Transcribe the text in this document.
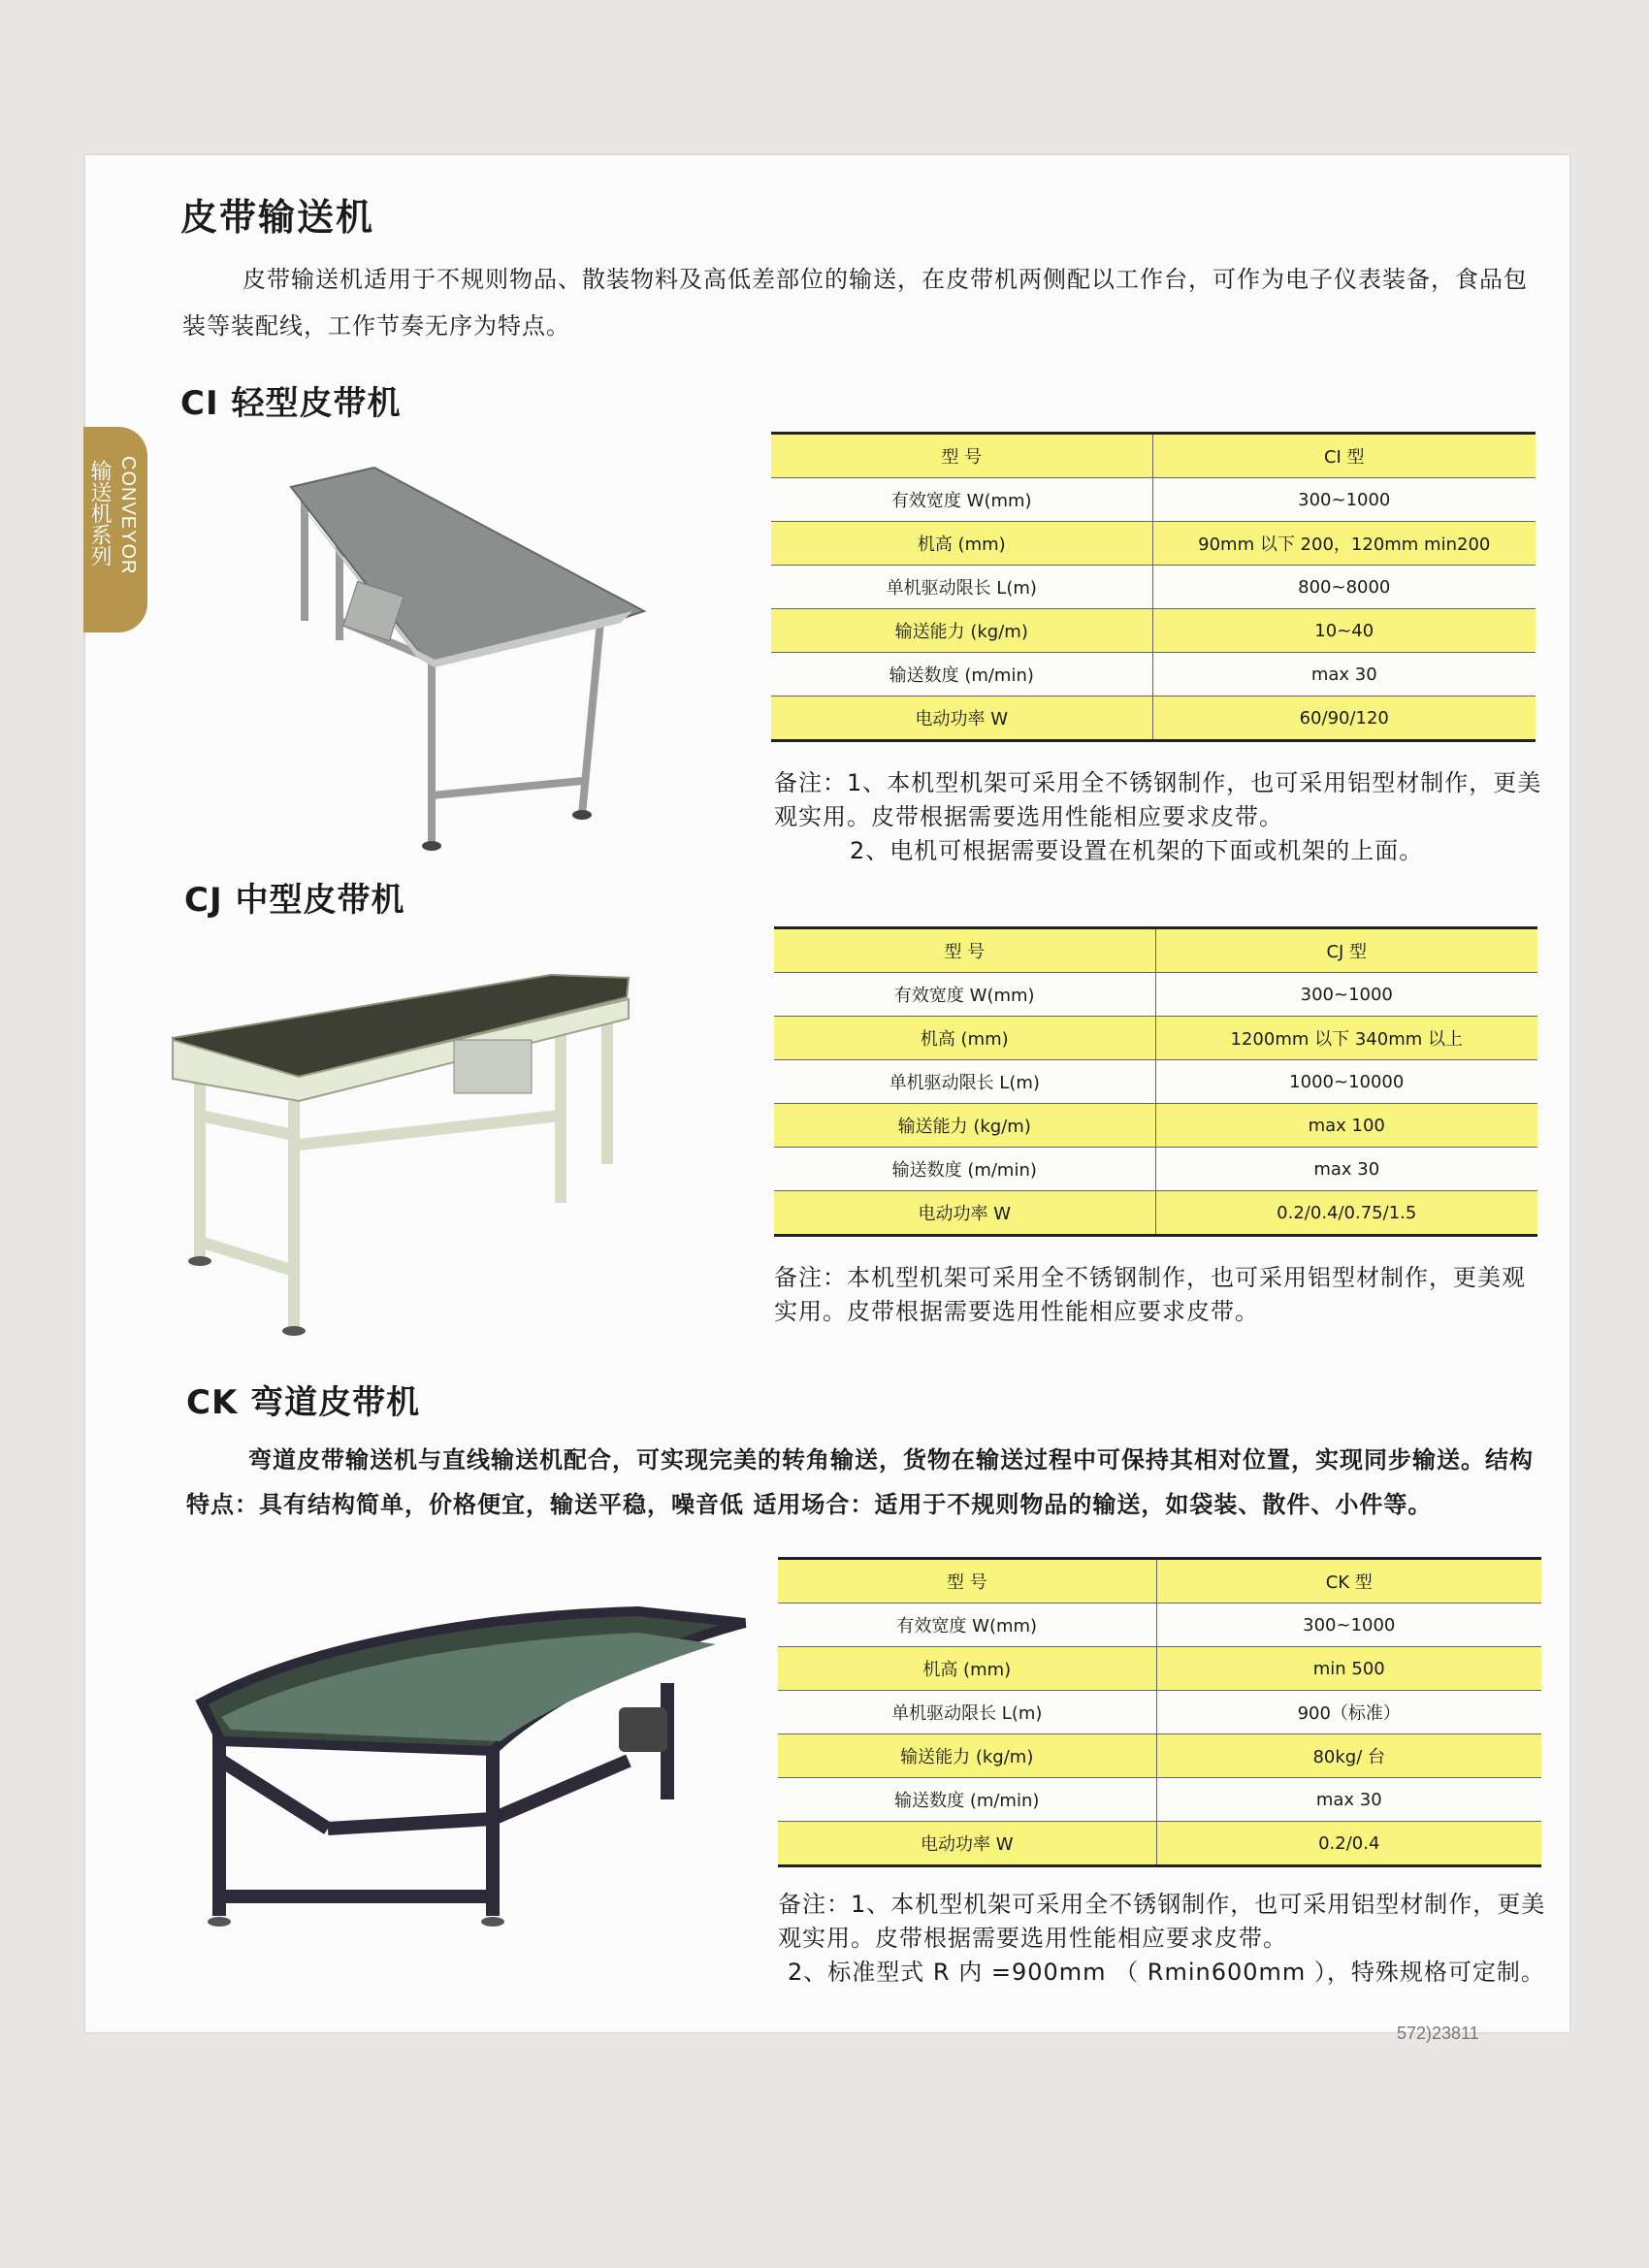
CONVEYOR
输送机系列
皮带输送机

皮带输送机适用于不规则物品、散装物料及高低差部位的输送，在皮带机两侧配以工作台，可作为电子仪表装备，食品包装等装配线，工作节奏无序为特点。

CI 轻型皮带机
型 号	CI 型
有效宽度 W(mm)	300~1000
机高 (mm)	90mm 以下 200，120mm min200
单机驱动限长 L(m)	800~8000
输送能力 (kg/m)	10~40
输送数度 (m/min)	max 30
电动功率 W	60/90/120

备注：1、本机型机架可采用全不锈钢制作，也可采用铝型材制作，更美观实用。皮带根据需要选用性能相应要求皮带。

2、电机可根据需要设置在机架的下面或机架的上面。

CJ 中型皮带机
型 号	CJ 型
有效宽度 W(mm)	300~1000
机高 (mm)	1200mm 以下 340mm 以上
单机驱动限长 L(m)	1000~10000
输送能力 (kg/m)	max 100
输送数度 (m/min)	max 30
电动功率 W	0.2/0.4/0.75/1.5

备注：本机型机架可采用全不锈钢制作，也可采用铝型材制作，更美观实用。皮带根据需要选用性能相应要求皮带。

CK 弯道皮带机

弯道皮带输送机与直线输送机配合，可实现完美的转角输送，货物在输送过程中可保持其相对位置，实现同步输送。结构特点：具有结构简单，价格便宜，输送平稳，噪音低 适用场合：适用于不规则物品的输送，如袋装、散件、小件等。

型 号	CK 型
有效宽度 W(mm)	300~1000
机高 (mm)	min 500
单机驱动限长 L(m)	900（标准）
输送能力 (kg/m)	80kg/ 台
输送数度 (m/min)	max 30
电动功率 W	0.2/0.4

备注：1、本机型机架可采用全不锈钢制作，也可采用铝型材制作，更美观实用。皮带根据需要选用性能相应要求皮带。

2、标准型式 R 内 =900mm （ Rmin600mm ），特殊规格可定制。

572)23811
